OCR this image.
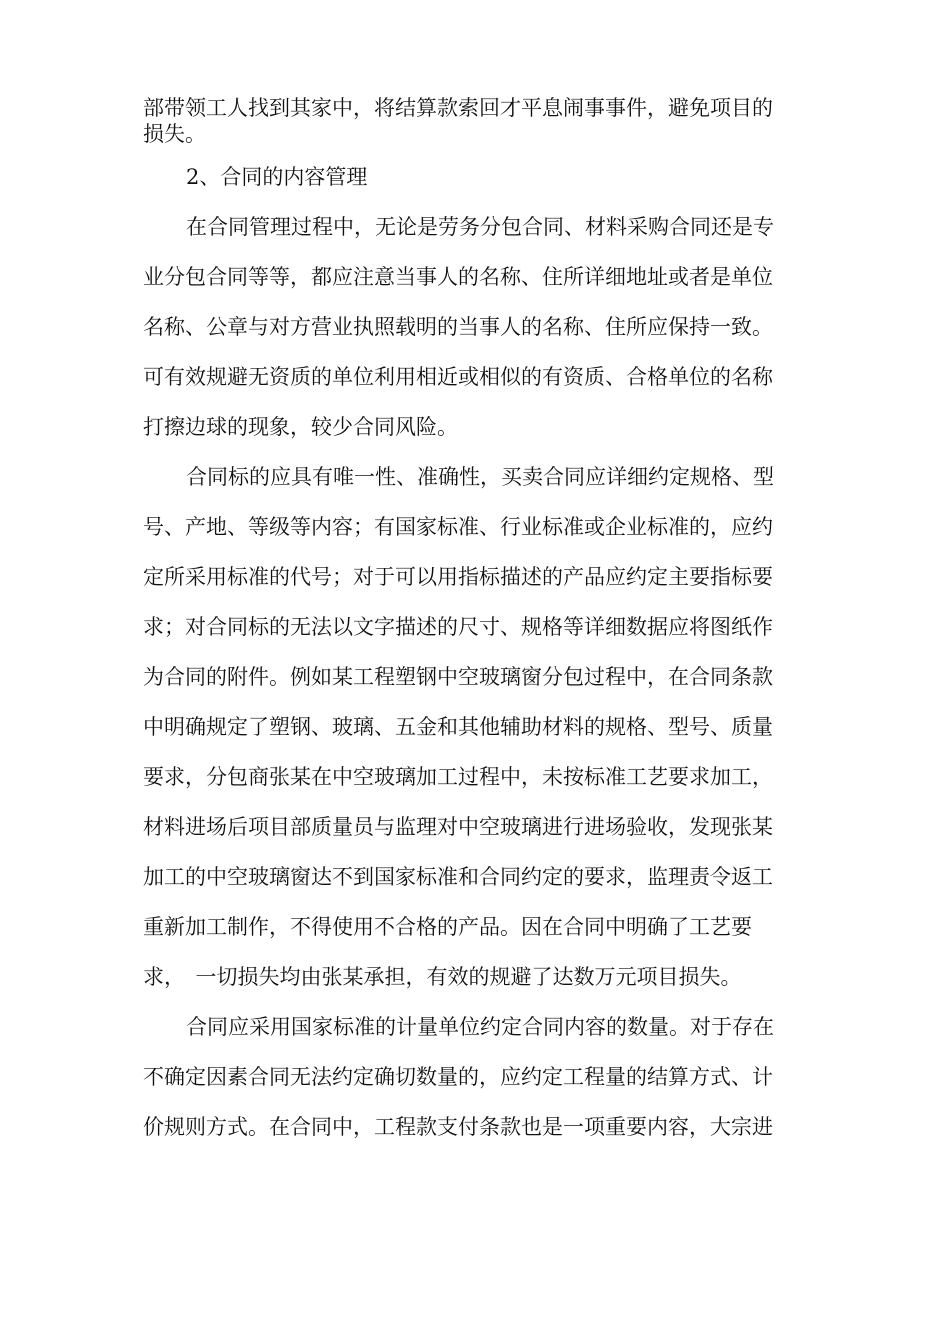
部带领工人找到其家中，将结算款索回才平息闹事事件，避免项目的
损失。
2、合同的内容管理
在合同管理过程中，无论是劳务分包合同、材料采购合同还是专
业分包合同等等，都应注意当事人的名称、住所详细地址或者是单位
名称、公章与对方营业执照载明的当事人的名称、住所应保持一致。
可有效规避无资质的单位利用相近或相似的有资质、合格单位的名称
打擦边球的现象，较少合同风险。
合同标的应具有唯一性、准确性，买卖合同应详细约定规格、型
号、产地、等级等内容；有国家标准、行业标准或企业标准的，应约
定所采用标准的代号；对于可以用指标描述的产品应约定主要指标要
求；对合同标的无法以文字描述的尺寸、规格等详细数据应将图纸作
为合同的附件。例如某工程塑钢中空玻璃窗分包过程中，在合同条款
中明确规定了塑钢、玻璃、五金和其他辅助材料的规格、型号、质量
要求，分包商张某在中空玻璃加工过程中，未按标准工艺要求加工，
材料进场后项目部质量员与监理对中空玻璃进行进场验收，发现张某
加工的中空玻璃窗达不到国家标准和合同约定的要求，监理责令返工
重新加工制作，不得使用不合格的产品。因在合同中明确了工艺要
求，　一切损失均由张某承担，有效的规避了达数万元项目损失。
合同应采用国家标准的计量单位约定合同内容的数量。对于存在
不确定因素合同无法约定确切数量的，应约定工程量的结算方式、计
价规则方式。在合同中，工程款支付条款也是一项重要内容，大宗进
